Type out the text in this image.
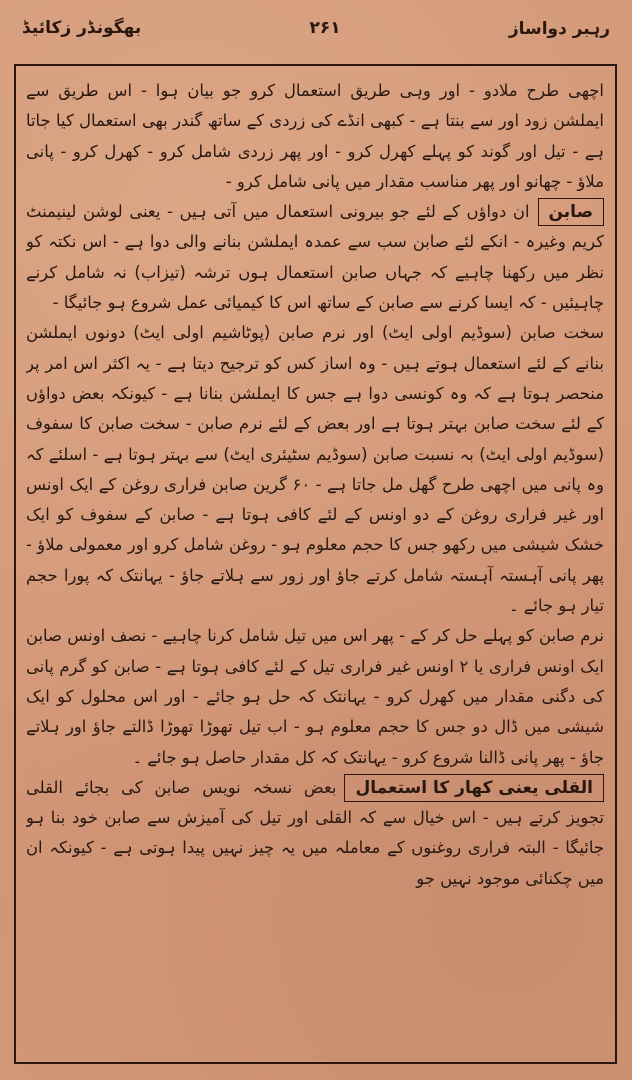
رہبر دواساز
۲۶۱
بھگونڈر زکائیڈ

اچھی طرح ملادو - اور وہی طریق استعمال کرو جو بیان ہوا - اس طریق سے ایملشن زود اور سے بنتا ہے - کبھی انڈے کی زردی کے ساتھ گندر بھی استعمال کیا جاتا ہے - تیل اور گوند کو پہلے کھرل کرو - اور پھر زردی شامل کرو - کھرل کرو - پانی ملاؤ - چھانو اور پھر مناسب مقدار میں پانی شامل کرو -

صابنان دواؤں کے لئے جو بیرونی استعمال میں آتی ہیں - یعنی لوشن لینیمنٹ کریم وغیرہ - انکے لئے صابن سب سے عمدہ ایملشن بنانے والی دوا ہے - اس نکتہ کو نظر میں رکھنا چاہیے کہ جہاں صابن استعمال ہوں ترشہ (تیزاب) نہ شامل کرنے چاہیئیں - کہ ایسا کرنے سے صابن کے ساتھ اس کا کیمیائی عمل شروع ہو جائیگا -

سخت صابن (سوڈیم اولی ایٹ) اور نرم صابن (پوٹاشیم اولی ایٹ) دونوں ایملشن بنانے کے لئے استعمال ہوتے ہیں - وہ اساز کس کو ترجیح دیتا ہے - یہ اکثر اس امر پر منحصر ہوتا ہے کہ وہ کونسی دوا ہے جس کا ایملشن بنانا ہے - کیونکہ بعض دواؤں کے لئے سخت صابن بہتر ہوتا ہے اور بعض کے لئے نرم صابن - سخت صابن کا سفوف (سوڈیم اولی ایٹ) بہ نسبت صابن (سوڈیم سٹیئری ایٹ) سے بہتر ہوتا ہے - اسلئے کہ وہ پانی میں اچھی طرح گھل مل جاتا ہے - ۶۰ گرین صابن فراری روغن کے ایک اونس اور غیر فراری روغن کے دو اونس کے لئے کافی ہوتا ہے - صابن کے سفوف کو ایک خشک شیشی میں رکھو جس کا حجم معلوم ہو - روغن شامل کرو اور معمولی ملاؤ - پھر پانی آہستہ آہستہ شامل کرتے جاؤ اور زور سے ہلاتے جاؤ - یہانتک کہ پورا حجم تیار ہو جائے ۔

نرم صابن کو پہلے حل کر کے - پھر اس میں تیل شامل کرنا چاہیے - نصف اونس صابن ایک اونس فراری یا ۲ اونس غیر فراری تیل کے لئے کافی ہوتا ہے - صابن کو گرم پانی کی دگنی مقدار میں کھرل کرو - یہانتک کہ حل ہو جائے - اور اس محلول کو ایک شیشی میں ڈال دو جس کا حجم معلوم ہو - اب تیل تھوڑا تھوڑا ڈالتے جاؤ اور ہلاتے جاؤ - پھر پانی ڈالنا شروع کرو - یہانتک کہ کل مقدار حاصل ہو جائے ۔

القلی یعنی کھار کا استعمالبعض نسخہ نویس صابن کی بجائے القلی تجویز کرتے ہیں - اس خیال سے کہ القلی اور تیل کی آمیزش سے صابن خود بنا ہو جائیگا - البتہ فراری روغنوں کے معاملہ میں یہ چیز نہیں پیدا ہوتی ہے - کیونکہ ان میں چکنائی موجود نہیں جو
